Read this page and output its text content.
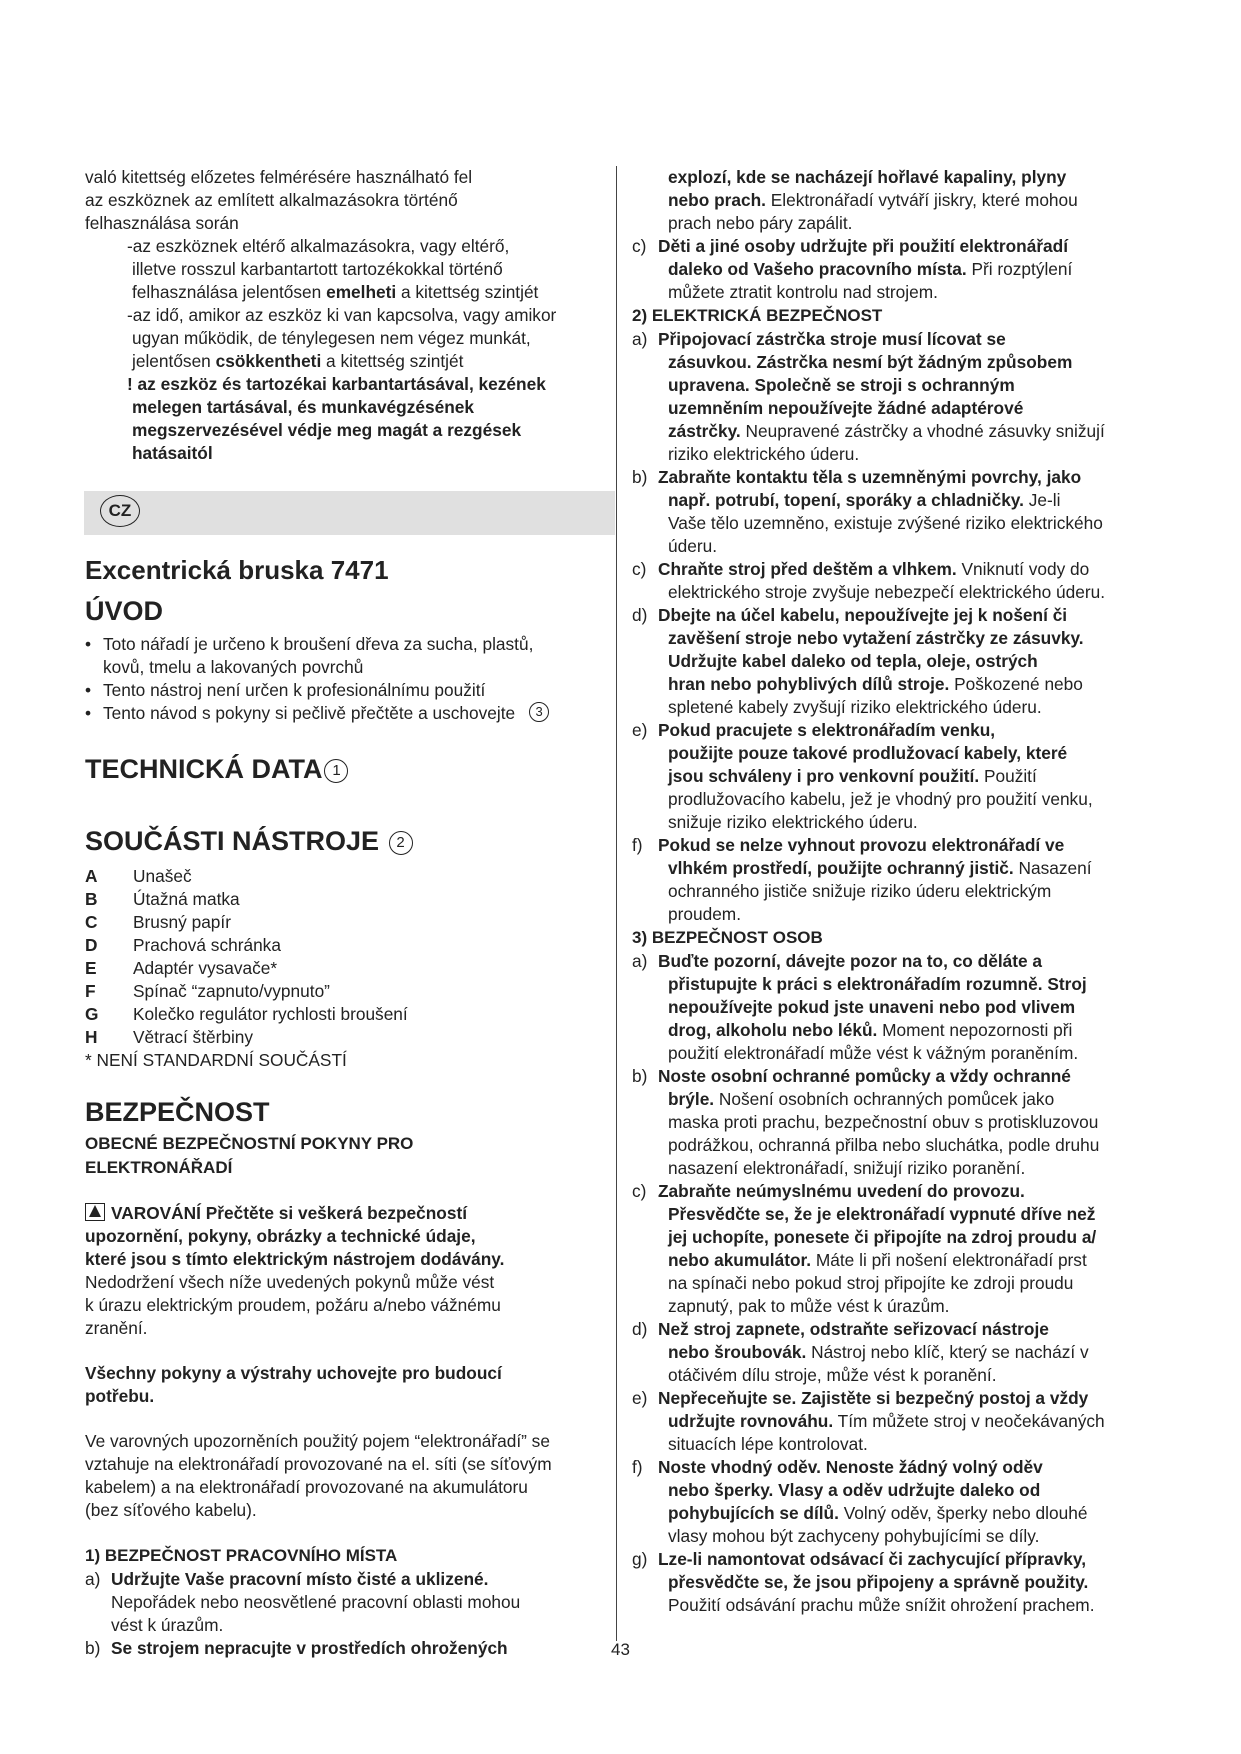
való kitettség előzetes felmérésére használható fel

az eszköznek az említett alkalmazásokra történő

felhasználása során

-az eszköznek eltérő alkalmazásokra, vagy eltérő,

illetve rosszul karbantartott tartozékokkal történő

felhasználása jelentősen emelheti a kitettség szintjét

-az idő, amikor az eszköz ki van kapcsolva, vagy amikor

ugyan működik, de ténylegesen nem végez munkát,

jelentősen csökkentheti a kitettség szintjét

! az eszköz és tartozékai karbantartásával, kezének

melegen tartásával, és munkavégzésének

megszervezésével védje meg magát a rezgések

hatásaitól

CZ
Excentrická bruska 7471
ÚVOD
• Toto nářadí je určeno k broušení dřeva za sucha, plastů,
kovů, tmelu a lakovaných povrchů
• Tento nástroj není určen k profesionálnímu použití
• Tento návod s pokyny si pečlivě přečtěte a uschovejte	3
TECHNICKÁ DATA 1
SOUČÁSTI NÁSTROJE 2
A	Unašeč
B	Útažná matka
C	Brusný papír
D	Prachová schránka
E	Adaptér vysavače*
F	Spínač “zapnuto/vypnuto”
G	Kolečko regulátor rychlosti broušení
H	Větrací štěrbiny

* NENÍ STANDARDNÍ SOUČÁSTÍ

BEZPEČNOST

OBECNÉ BEZPEČNOSTNÍ POKYNY PRO

ELEKTRONÁŘADÍ

VAROVÁNÍ Přečtěte si veškerá bezpečností

upozornění, pokyny, obrázky a technické údaje,

které jsou s tímto elektrickým nástrojem dodávány.

Nedodržení všech níže uvedených pokynů může vést

k úrazu elektrickým proudem, požáru a/nebo vážnému

zranění.

Všechny pokyny a výstrahy uchovejte pro budoucí

potřebu.

Ve varovných upozorněních použitý pojem “elektronářadí” se

vztahuje na elektronářadí provozované na el. síti (se síťovým

kabelem) a na elektronářadí provozované na akumulátoru

(bez síťového kabelu).

1) BEZPEČNOST PRACOVNÍHO MÍSTA

a) Udržujte Vaše pracovní místo čisté a uklizené.

Nepořádek nebo neosvětlené pracovní oblasti mohou

vést k úrazům.

b) Se strojem nepracujte v prostředích ohrožených

explozí, kde se nacházejí hořlavé kapaliny, plyny

nebo prach. Elektronářadí vytváří jiskry, které mohou

prach nebo páry zapálit.

c) Děti a jiné osoby udržujte při použití elektronářadí

daleko od Vašeho pracovního místa. Při rozptýlení

můžete ztratit kontrolu nad strojem.

2) ELEKTRICKÁ BEZPEČNOST

a) Připojovací zástrčka stroje musí lícovat se

zásuvkou. Zástrčka nesmí být žádným způsobem

upravena. Společně se stroji s ochranným

uzemněním nepoužívejte žádné adaptérové

zástrčky. Neupravené zástrčky a vhodné zásuvky snižují

riziko elektrického úderu.

b) Zabraňte kontaktu těla s uzemněnými povrchy, jako

např. potrubí, topení, sporáky a chladničky. Je-li

Vaše tělo uzemněno, existuje zvýšené riziko elektrického

úderu.

c) Chraňte stroj před deštěm a vlhkem. Vniknutí vody do

elektrického stroje zvyšuje nebezpečí elektrického úderu.

d) Dbejte na účel kabelu, nepoužívejte jej k nošení či

zavěšení stroje nebo vytažení zástrčky ze zásuvky.

Udržujte kabel daleko od tepla, oleje, ostrých

hran nebo pohyblivých dílů stroje. Poškozené nebo

spletené kabely zvyšují riziko elektrického úderu.

e) Pokud pracujete s elektronářadím venku,

použijte pouze takové prodlužovací kabely, které

jsou schváleny i pro venkovní použití. Použití

prodlužovacího kabelu, jež je vhodný pro použití venku,

snižuje riziko elektrického úderu.

f) Pokud se nelze vyhnout provozu elektronářadí ve

vlhkém prostředí, použijte ochranný jistič. Nasazení

ochranného jističe snižuje riziko úderu elektrickým

proudem.

3) BEZPEČNOST OSOB

a) Buďte pozorní, dávejte pozor na to, co děláte a

přistupujte k práci s elektronářadím rozumně. Stroj

nepoužívejte pokud jste unaveni nebo pod vlivem

drog, alkoholu nebo léků. Moment nepozornosti při

použití elektronářadí může vést k vážným poraněním.

b) Noste osobní ochranné pomůcky a vždy ochranné

brýle. Nošení osobních ochranných pomůcek jako

maska proti prachu, bezpečnostní obuv s protiskluzovou

podrážkou, ochranná přilba nebo sluchátka, podle druhu

nasazení elektronářadí, snižují riziko poranění.

c) Zabraňte neúmyslnému uvedení do provozu.

Přesvědčte se, že je elektronářadí vypnuté dříve než

jej uchopíte, ponesete či připojíte na zdroj proudu a/

nebo akumulátor. Máte li při nošení elektronářadí prst

na spínači nebo pokud stroj připojíte ke zdroji proudu

zapnutý, pak to může vést k úrazům.

d) Než stroj zapnete, odstraňte seřizovací nástroje

nebo šroubovák. Nástroj nebo klíč, který se nachází v

otáčivém dílu stroje, může vést k poranění.

e) Nepřeceňujte se. Zajistěte si bezpečný postoj a vždy

udržujte rovnováhu. Tím můžete stroj v neočekávaných

situacích lépe kontrolovat.

f) Noste vhodný oděv. Nenoste žádný volný oděv

nebo šperky. Vlasy a oděv udržujte daleko od

pohybujících se dílů. Volný oděv, šperky nebo dlouhé

vlasy mohou být zachyceny pohybujícími se díly.

g) Lze-li namontovat odsávací či zachycující přípravky,

přesvědčte se, že jsou připojeny a správně použity.

Použití odsávání prachu může snížit ohrožení prachem.

43
